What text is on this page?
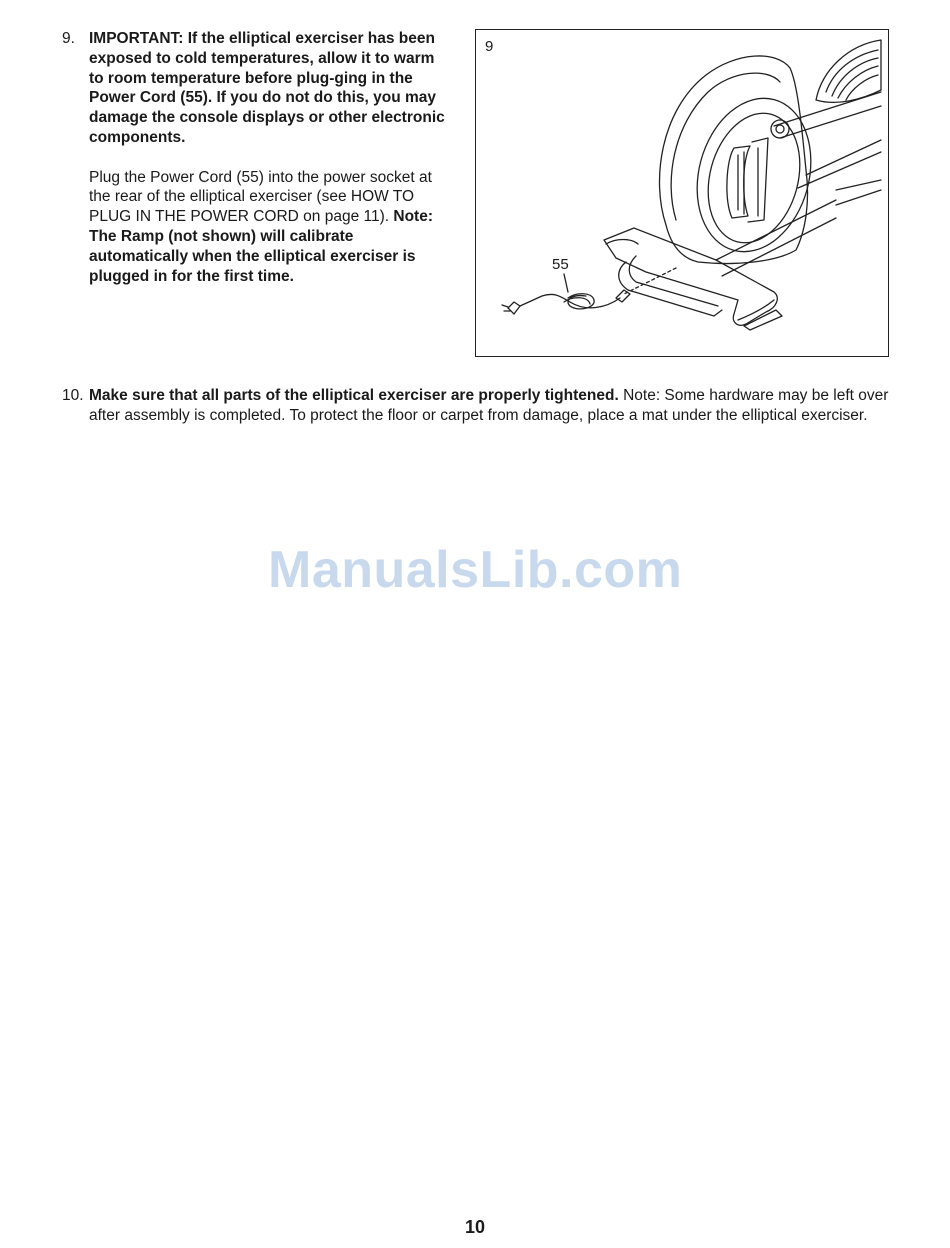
9. IMPORTANT: If the elliptical exerciser has been exposed to cold temperatures, allow it to warm to room temperature before plug-ging in the Power Cord (55). If you do not do this, you may damage the console displays or other electronic components.
Plug the Power Cord (55) into the power socket at the rear of the elliptical exerciser (see HOW TO PLUG IN THE POWER CORD on page 11). Note: The Ramp (not shown) will calibrate automatically when the elliptical exerciser is plugged in for the first time.
9
55
10. Make sure that all parts of the elliptical exerciser are properly tightened. Note: Some hardware may be left over after assembly is completed. To protect the floor or carpet from damage, place a mat under the elliptical exerciser.
ManualsLib.com
10
